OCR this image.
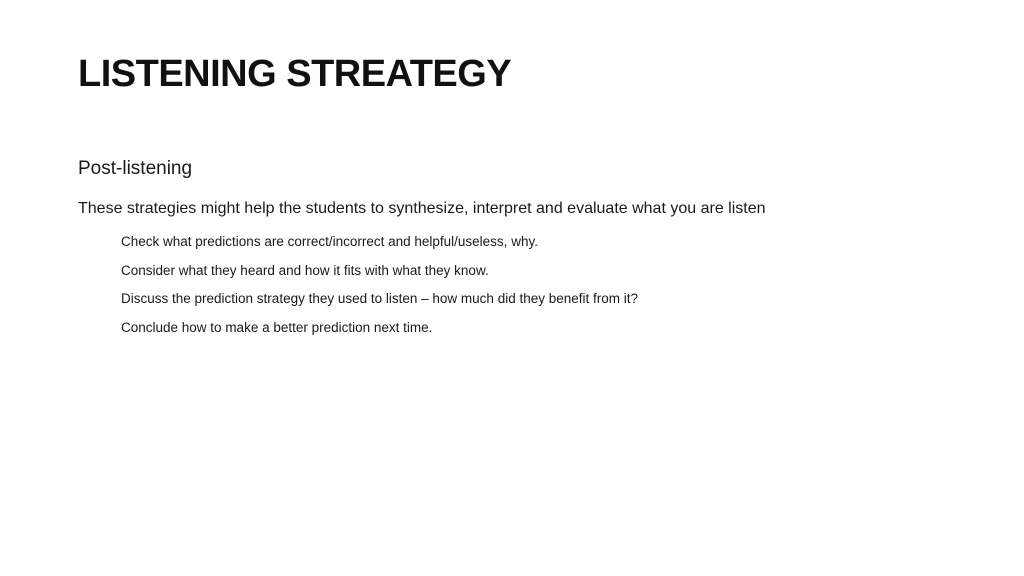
LISTENING STREATEGY
Post-listening
These strategies might help the students to synthesize, interpret and evaluate what you are listen
Check what predictions are correct/incorrect and helpful/useless, why.
Consider what they heard and how it fits with what they know.
Discuss the prediction strategy they used to listen – how much did they benefit from it?
Conclude how to make a better prediction next time.
